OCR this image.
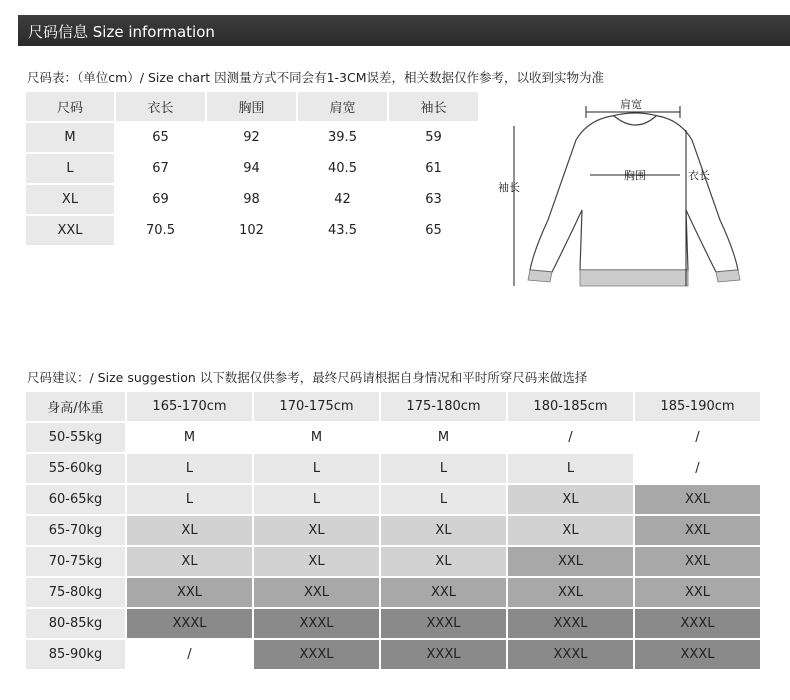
尺码信息 Size information
尺码表：（单位cm）/ Size chart 因测量方式不同会有1-3CM误差，相关数据仅作参考，以收到实物为准
尺码	衣长	胸围	肩宽	袖长
M	65	92	39.5	59
L	67	94	40.5	61
XL	69	98	42	63
XXL	70.5	102	43.5	65
肩宽
胸围	衣长
袖长
尺码建议：/ Size suggestion 以下数据仅供参考，最终尺码请根据自身情况和平时所穿尺码来做选择
身高/体重	165-170cm	170-175cm	175-180cm	180-185cm	185-190cm
50-55kg	M	M	M	/	/
55-60kg	L	L	L	L	/
60-65kg	L	L	L	XL	XXL
65-70kg	XL	XL	XL	XL	XXL
70-75kg	XL	XL	XL	XXL	XXL
75-80kg	XXL	XXL	XXL	XXL	XXL
80-85kg	XXXL	XXXL	XXXL	XXXL	XXXL
85-90kg	/	XXXL	XXXL	XXXL	XXXL
